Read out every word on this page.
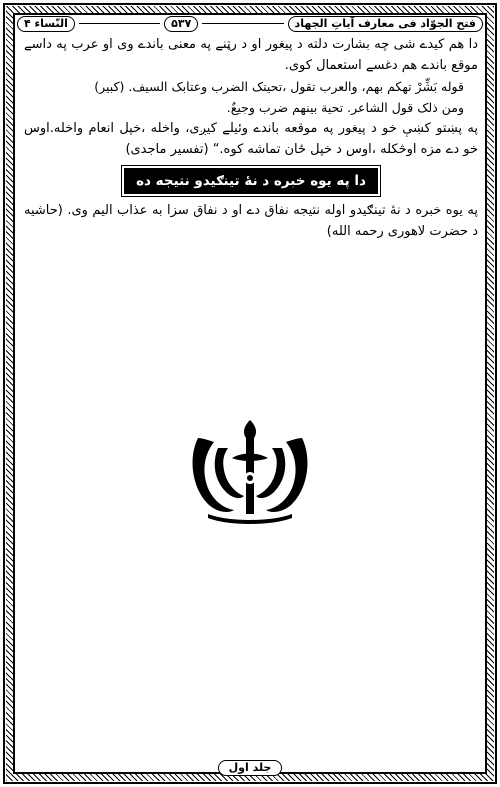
فتح الجوّاد فی معارف آیاتِ الجهاد
۵۳۷
النّساء ۴

دا هم کیدے شی چه بشارت دلته د پیغور او د رټنے په معنی باندے وی او عرب په داسے موقع باندے هم دغسے استعمال کوی.

قوله بَشِّرْ تهکم بهم، والعرب تقول ،تحیتک الضرب وعتابک السیف. (کبیر)

ومن ذلک قول الشاعر. تحیة بینهم ضرب وجیعٌ.

په پښتو کښې خو د پیغور په موقعه باندے وئیلے کیږی، واخله ،خپل انعام واخله.اوس خو دے مزه اوڅکله ،اوس د خپل ځان تماشه کوه.“ (تفسیر ماجدی)

دا په یوه خبره د نهٔ تینګیدو نتیجه ده

په یوه خبره د نهٔ تینګیدو اوله نتیجه نفاق دے او د نفاق سزا به عذاب الیم وی. (حاشیه د حضرت لاهوری رحمه الله)

جلد اول
